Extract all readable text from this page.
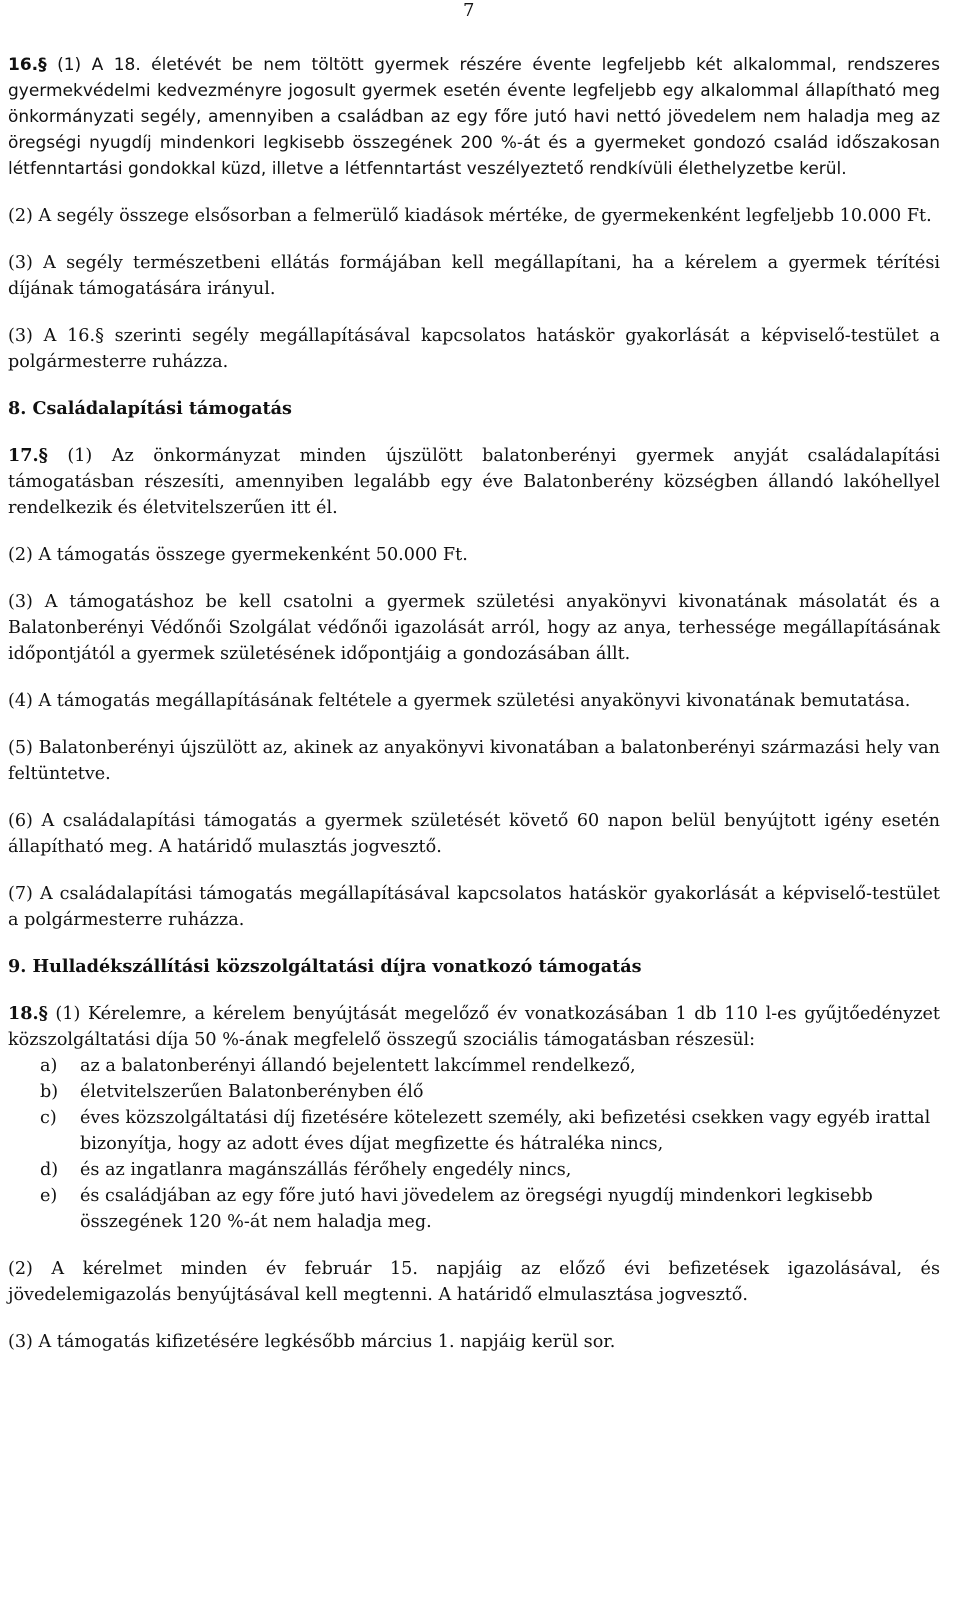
7

16.§ (1) A 18. életévét be nem töltött gyermek részére évente legfeljebb két alkalommal, rendszeres gyermekvédelmi kedvezményre jogosult gyermek esetén évente legfeljebb egy alkalommal állapítható meg önkormányzati segély, amennyiben a családban az egy főre jutó havi nettó jövedelem nem haladja meg az öregségi nyugdíj mindenkori legkisebb összegének 200 %-át és a gyermeket gondozó család időszakosan létfenntartási gondokkal küzd, illetve a létfenntartást veszélyeztető rendkívüli élethelyzetbe kerül.

(2) A segély összege elsősorban a felmerülő kiadások mértéke, de gyermekenként legfeljebb 10.000 Ft.

(3) A segély természetbeni ellátás formájában kell megállapítani, ha a kérelem a gyermek térítési díjának támogatására irányul.

(3) A 16.§ szerinti segély megállapításával kapcsolatos hatáskör gyakorlását a képviselő-testület a polgármesterre ruházza.

8. Családalapítási támogatás

17.§ (1) Az önkormányzat minden újszülött balatonberényi gyermek anyját családalapítási támogatásban részesíti, amennyiben legalább egy éve Balatonberény községben állandó lakóhellyel rendelkezik és életvitelszerűen itt él.

(2) A támogatás összege gyermekenként 50.000 Ft.

(3) A támogatáshoz be kell csatolni a gyermek születési anyakönyvi kivonatának másolatát és a Balatonberényi Védőnői Szolgálat védőnői igazolását arról, hogy az anya, terhessége megállapításának időpontjától a gyermek születésének időpontjáig a gondozásában állt.

(4) A támogatás megállapításának feltétele a gyermek születési anyakönyvi kivonatának bemutatása.

(5) Balatonberényi újszülött az, akinek az anyakönyvi kivonatában a balatonberényi származási hely van feltüntetve.

(6) A családalapítási támogatás a gyermek születését követő 60 napon belül benyújtott igény esetén állapítható meg. A határidő mulasztás jogvesztő.

(7) A családalapítási támogatás megállapításával kapcsolatos hatáskör gyakorlását a képviselő-testület a polgármesterre ruházza.

9. Hulladékszállítási közszolgáltatási díjra vonatkozó támogatás

18.§ (1) Kérelemre, a kérelem benyújtását megelőző év vonatkozásában 1 db 110 l-es gyűjtőedényzet közszolgáltatási díja 50 %-ának megfelelő összegű szociális támogatásban részesül:

a) az a balatonberényi állandó bejelentett lakcímmel rendelkező,
b) életvitelszerűen Balatonberényben élő
c) éves közszolgáltatási díj fizetésére kötelezett személy, aki befizetési csekken vagy egyéb irattal bizonyítja, hogy az adott éves díjat megfizette és hátraléka nincs,
d) és az ingatlanra magánszállás férőhely engedély nincs,
e) és családjában az egy főre jutó havi jövedelem az öregségi nyugdíj mindenkori legkisebb összegének 120 %-át nem haladja meg.

(2) A kérelmet minden év február 15. napjáig az előző évi befizetések igazolásával, és jövedelemigazolás benyújtásával kell megtenni. A határidő elmulasztása jogvesztő.

(3) A támogatás kifizetésére legkésőbb március 1. napjáig kerül sor.
